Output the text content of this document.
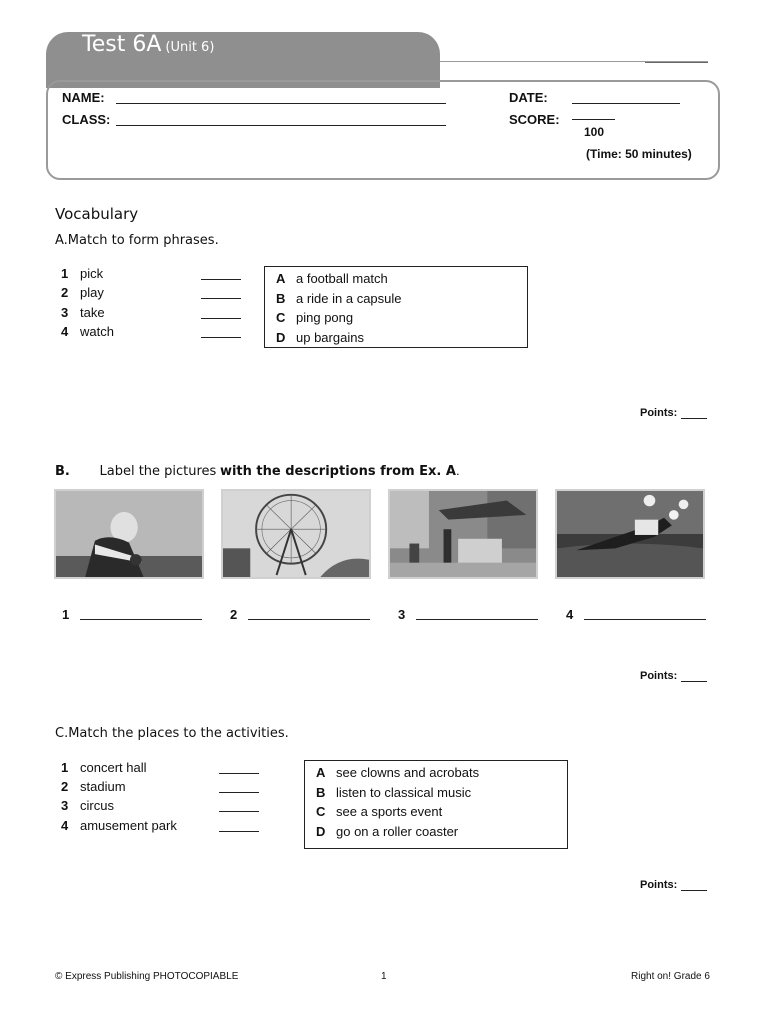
Test 6A (Unit 6)
NAME:
CLASS:
DATE:
SCORE:
100
(Time: 50 minutes)
Vocabulary
A.Match to form phrases.
1 pick
2 play
3 take
4 watch
A a football match
B a ride in a capsule
C ping pong
D up bargains
Points:
B. Label the pictures with the descriptions from Ex. A.
1	2	3	4
Points:
C.Match the places to the activities.
1 concert hall
2 stadium
3 circus
4 amusement park
A see clowns and acrobats
B listen to classical music
C see a sports event
D go on a roller coaster
Points:
© Express Publishing PHOTOCOPIABLE	1	Right on! Grade 6
